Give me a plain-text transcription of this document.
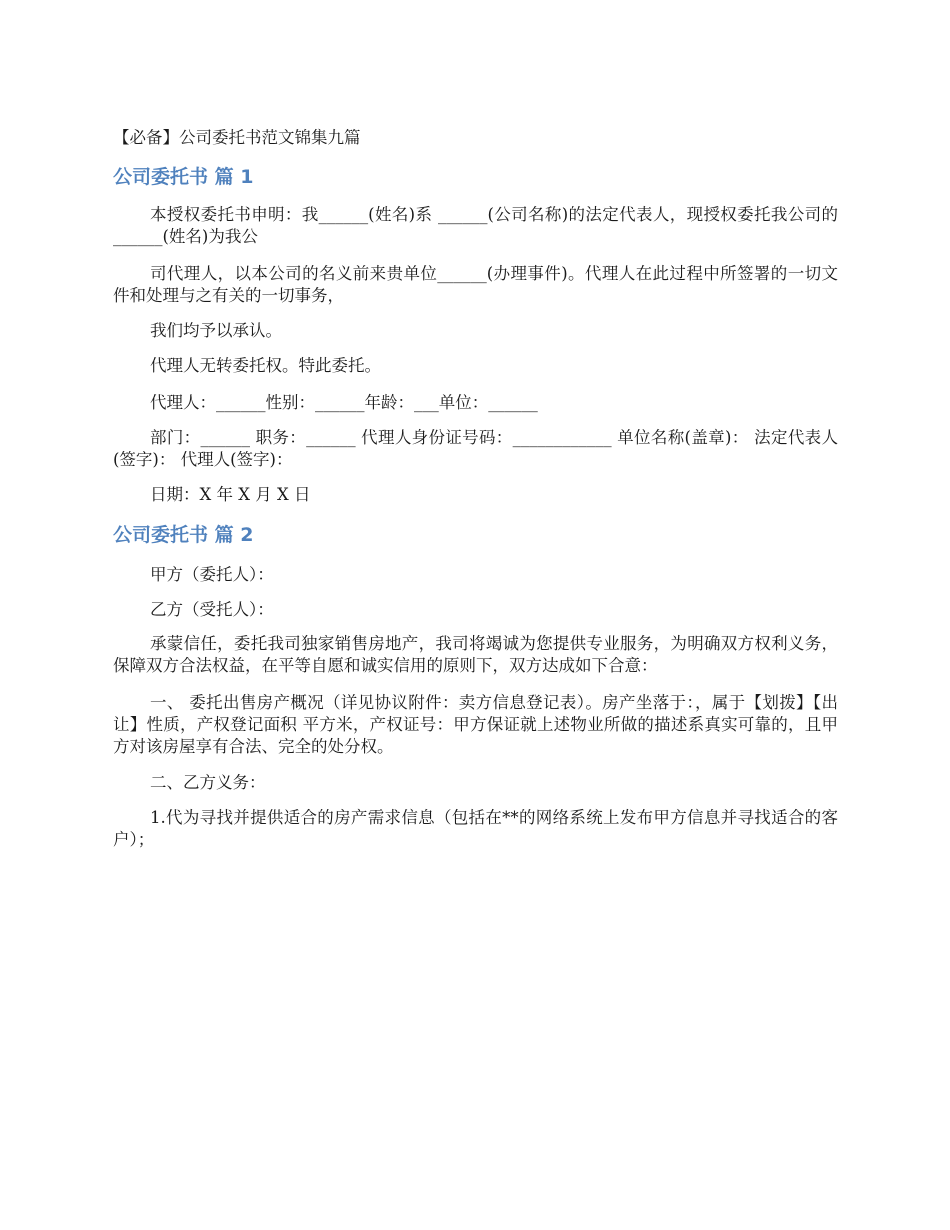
【必备】公司委托书范文锦集九篇
公司委托书 篇 1
本授权委托书申明：我______(姓名)系 ______(公司名称)的法定代表人，现授权委托我公司的______(姓名)为我公
司代理人，以本公司的名义前来贵单位______(办理事件)。代理人在此过程中所签署的一切文件和处理与之有关的一切事务，
我们均予以承认。
代理人无转委托权。特此委托。
代理人：______性别：______年龄：___单位：______
部门：______ 职务：______ 代理人身份证号码：____________ 单位名称(盖章)： 法定代表人(签字)： 代理人(签字)：
日期：X 年 X 月 X 日
公司委托书 篇 2
甲方（委托人）：
乙方（受托人）：
承蒙信任，委托我司独家销售房地产，我司将竭诚为您提供专业服务，为明确双方权利义务，保障双方合法权益，在平等自愿和诚实信用的原则下，双方达成如下合意：
一、 委托出售房产概况（详见协议附件：卖方信息登记表）。房产坐落于：，属于【划拨】【出让】性质，产权登记面积 平方米，产权证号：甲方保证就上述物业所做的描述系真实可靠的，且甲方对该房屋享有合法、完全的处分权。
二、乙方义务：
1.代为寻找并提供适合的房产需求信息（包括在**的网络系统上发布甲方信息并寻找适合的客户）；
